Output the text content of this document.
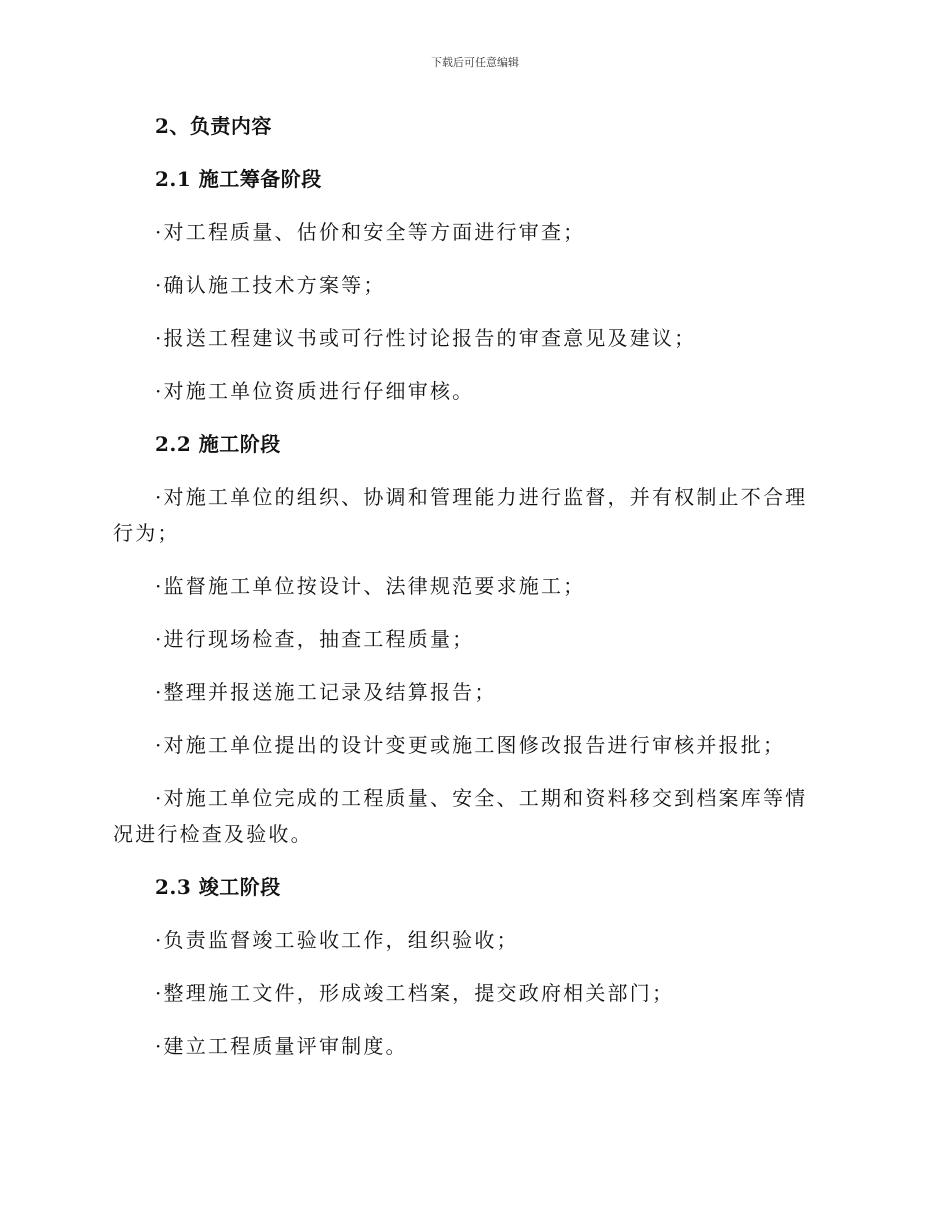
下载后可任意编辑
2、负责内容
2.1 施工筹备阶段
·对工程质量、估价和安全等方面进行审查；
·确认施工技术方案等；
·报送工程建议书或可行性讨论报告的审查意见及建议；
·对施工单位资质进行仔细审核。
2.2 施工阶段
·对施工单位的组织、协调和管理能力进行监督，并有权制止不合理行为；
·监督施工单位按设计、法律规范要求施工；
·进行现场检查，抽查工程质量；
·整理并报送施工记录及结算报告；
·对施工单位提出的设计变更或施工图修改报告进行审核并报批；
·对施工单位完成的工程质量、安全、工期和资料移交到档案库等情况进行检查及验收。
2.3 竣工阶段
·负责监督竣工验收工作，组织验收；
·整理施工文件，形成竣工档案，提交政府相关部门；
·建立工程质量评审制度。
